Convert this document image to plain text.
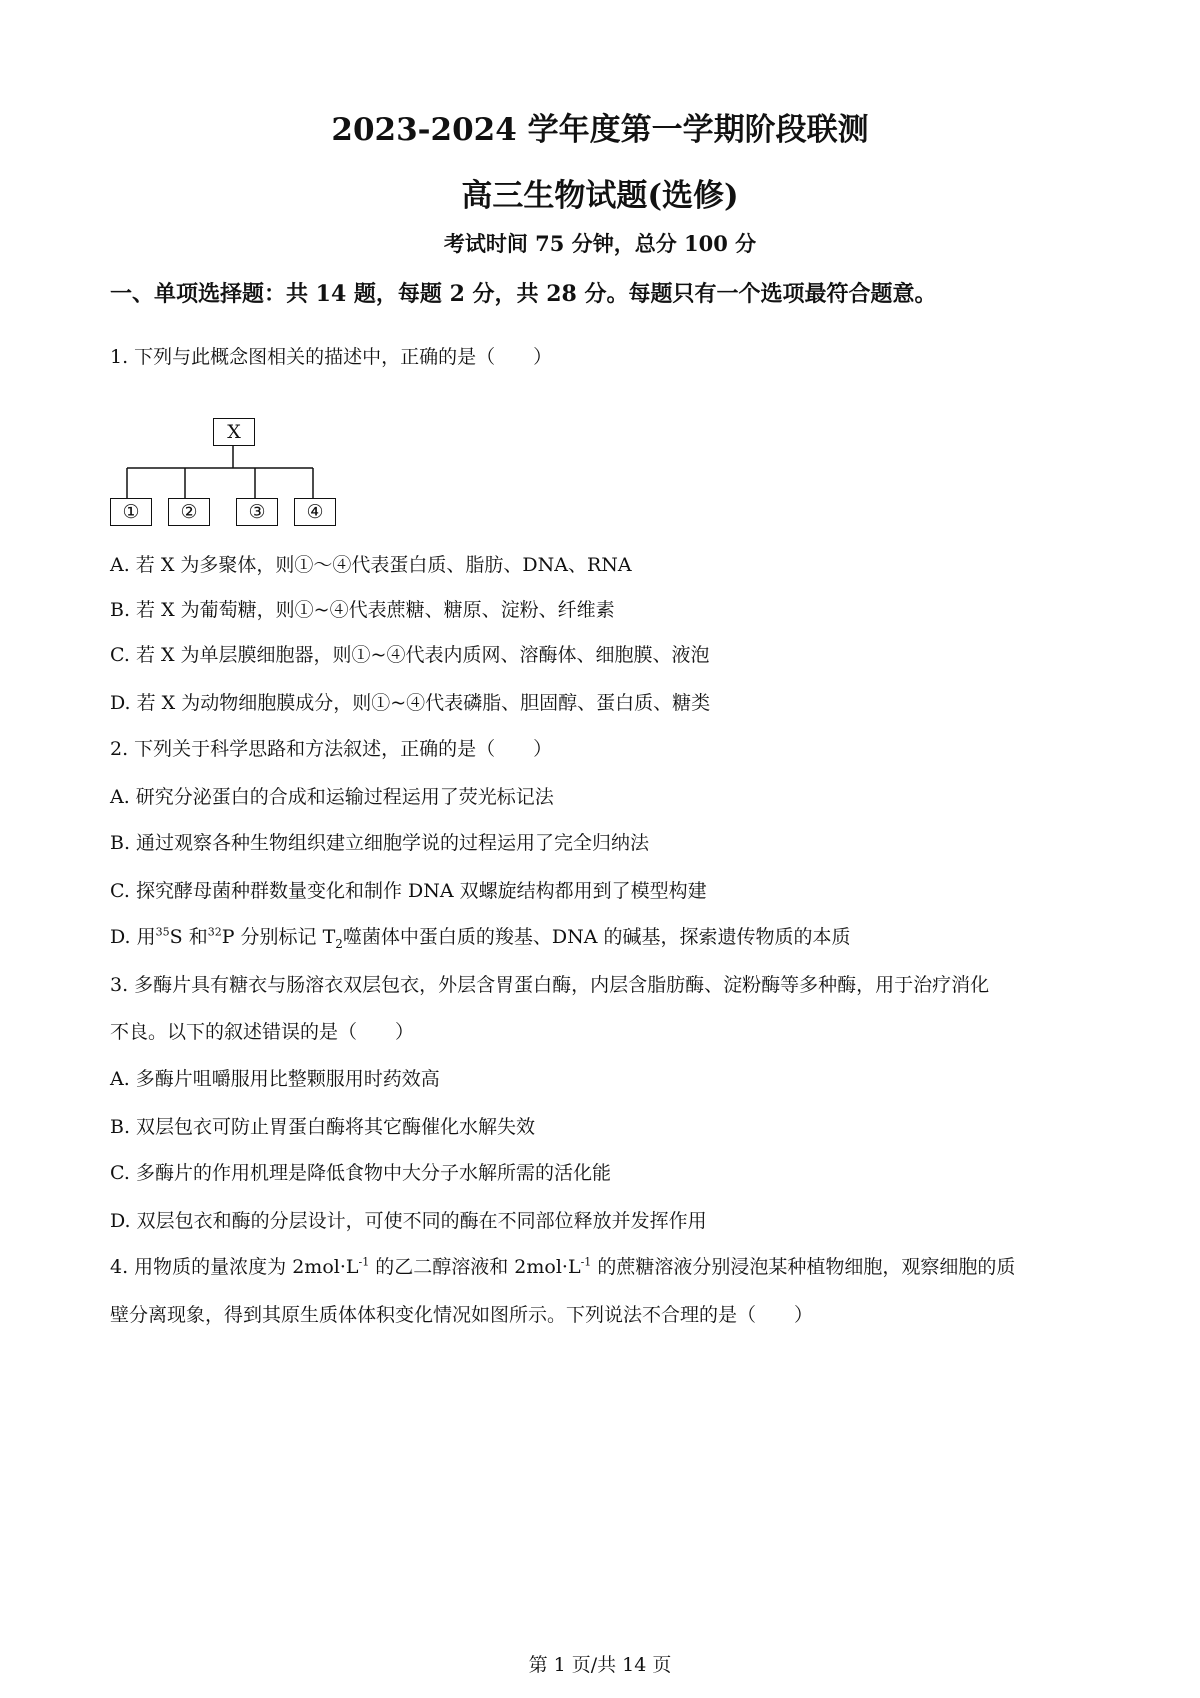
2023-2024 学年度第一学期阶段联测
高三生物试题(选修)
考试时间 75 分钟，总分 100 分
一、单项选择题：共 14 题，每题 2 分，共 28 分。每题只有一个选项最符合题意。
1. 下列与此概念图相关的描述中，正确的是（　　）
X
①	②	③	④
A. 若 X 为多聚体，则①～④代表蛋白质、脂肪、DNA、RNA
B. 若 X 为葡萄糖，则①~④代表蔗糖、糖原、淀粉、纤维素
C. 若 X 为单层膜细胞器，则①~④代表内质网、溶酶体、细胞膜、液泡
D. 若 X 为动物细胞膜成分，则①~④代表磷脂、胆固醇、蛋白质、糖类
2. 下列关于科学思路和方法叙述，正确的是（　　）
A. 研究分泌蛋白的合成和运输过程运用了荧光标记法
B. 通过观察各种生物组织建立细胞学说的过程运用了完全归纳法
C. 探究酵母菌种群数量变化和制作 DNA 双螺旋结构都用到了模型构建
D. 用$^{35}$S 和$^{32}$P 分别标记 $T_2$噬菌体中蛋白质的羧基、DNA 的碱基，探索遗传物质的本质
3. 多酶片具有糖衣与肠溶衣双层包衣，外层含胃蛋白酶，内层含脂肪酶、淀粉酶等多种酶，用于治疗消化
不良。以下的叙述错误的是（　　）
A. 多酶片咀嚼服用比整颗服用时药效高
B. 双层包衣可防止胃蛋白酶将其它酶催化水解失效
C. 多酶片的作用机理是降低食物中大分子水解所需的活化能
D. 双层包衣和酶的分层设计，可使不同的酶在不同部位释放并发挥作用
4. 用物质的量浓度为 $2mol\cdot L^{-1}$ 的乙二醇溶液和 $2mol\cdot L^{-1}$ 的蔗糖溶液分别浸泡某种植物细胞，观察细胞的质
壁分离现象，得到其原生质体体积变化情况如图所示。下列说法不合理的是（　　）
第 1 页/共 14 页
